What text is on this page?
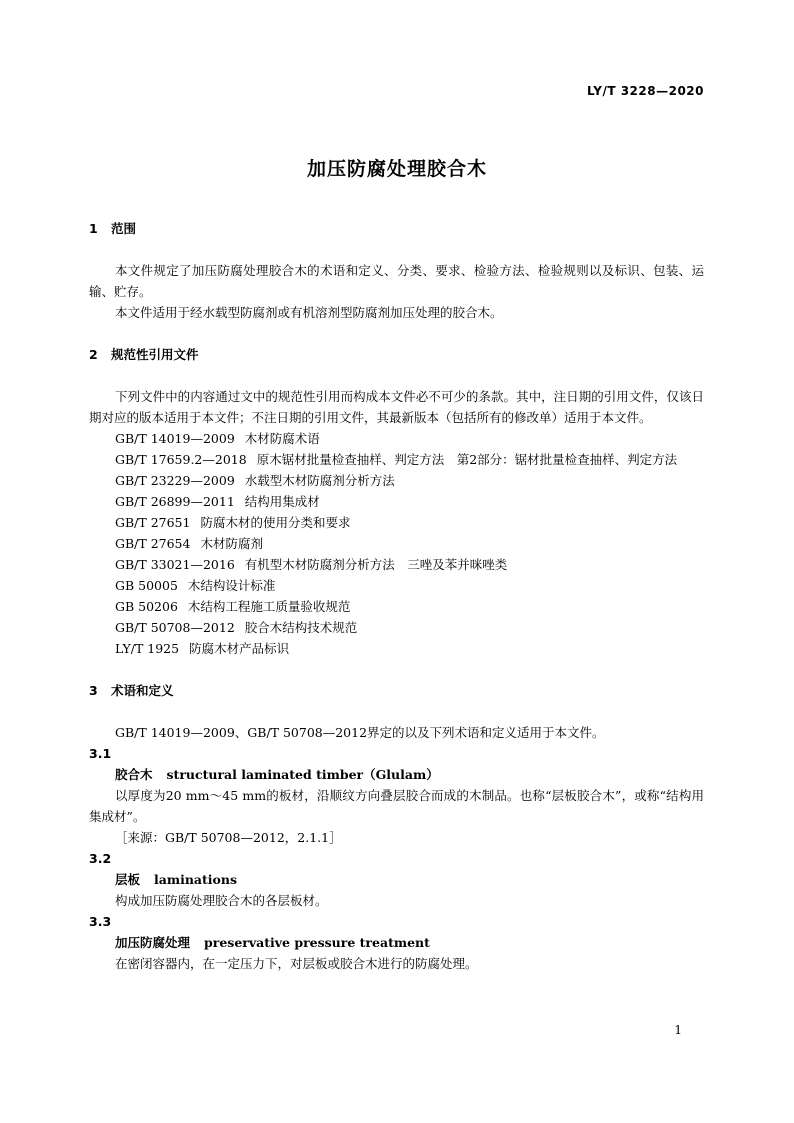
LY/T 3228—2020
加压防腐处理胶合木
1 范围

本文件规定了加压防腐处理胶合木的术语和定义、分类、要求、检验方法、检验规则以及标识、包装、运输、贮存。

本文件适用于经水载型防腐剂或有机溶剂型防腐剂加压处理的胶合木。

2 规范性引用文件

下列文件中的内容通过文中的规范性引用而构成本文件必不可少的条款。其中，注日期的引用文件，仅该日期对应的版本适用于本文件；不注日期的引用文件，其最新版本（包括所有的修改单）适用于本文件。

GB/T 14019—2009 木材防腐术语

GB/T 17659.2—2018 原木锯材批量检查抽样、判定方法　第2部分：锯材批量检查抽样、判定方法

GB/T 23229—2009 水载型木材防腐剂分析方法

GB/T 26899—2011 结构用集成材

GB/T 27651 防腐木材的使用分类和要求

GB/T 27654 木材防腐剂

GB/T 33021—2016 有机型木材防腐剂分析方法　三唑及苯并咪唑类

GB 50005 木结构设计标准

GB 50206 木结构工程施工质量验收规范

GB/T 50708—2012 胶合木结构技术规范

LY/T 1925 防腐木材产品标识

3 术语和定义

GB/T 14019—2009、GB/T 50708—2012界定的以及下列术语和定义适用于本文件。

3.1

胶合木 structural laminated timber（Glulam）

以厚度为20 mm～45 mm的板材，沿顺纹方向叠层胶合而成的木制品。也称“层板胶合木”，或称“结构用集成材”。

［来源：GB/T 50708—2012，2.1.1］

3.2

层板 laminations

构成加压防腐处理胶合木的各层板材。

3.3

加压防腐处理 preservative pressure treatment

在密闭容器内，在一定压力下，对层板或胶合木进行的防腐处理。

1
